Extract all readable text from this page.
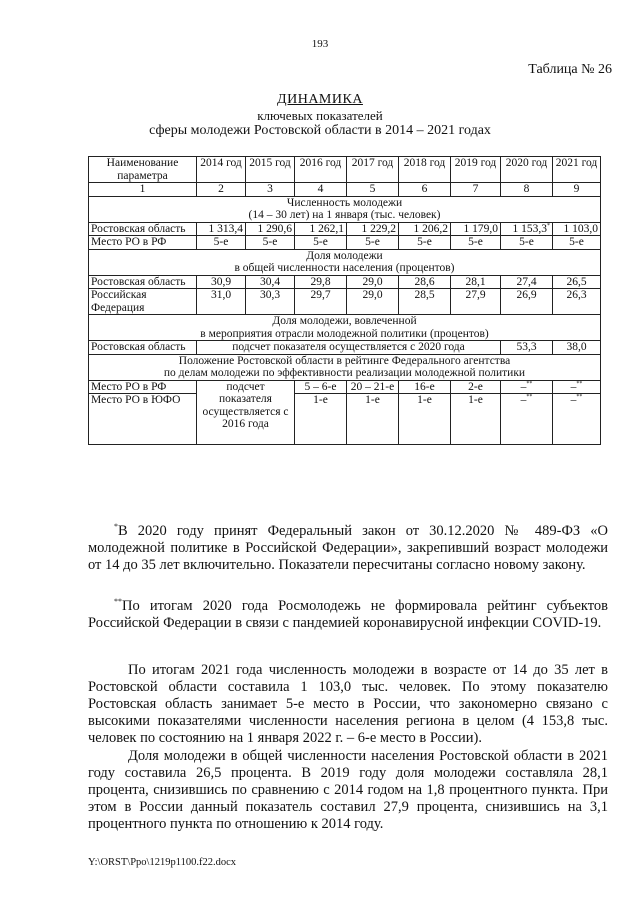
193
Таблица № 26
ДИНАМИКА
ключевых показателей
сферы молодежи Ростовской области в 2014 – 2021 годах
Наименование параметра	2014 год	2015 год	2016 год	2017 год	2018 год	2019 год	2020 год	2021 год
1	2	3	4	5	6	7	8	9

Численность молодежи
(14 – 30 лет) на 1 января (тыс. человек)								

Ростовская область	1 313,4	1 290,6	1 262,1	1 229,2	1 206,2	1 179,0	1 153,3*	1 103,0
Место РО в РФ	5-е	5-е	5-е	5-е	5-е	5-е	5-е	5-е

Доля молодежи
в общей численности населения (процентов)								

Ростовская область	30,9	30,4	29,8	29,0	28,6	28,1	27,4	26,5
Российская Федерация	31,0	30,3	29,7	29,0	28,5	27,9	26,9	26,3

Доля молодежи, вовлеченной
в мероприятия отрасли молодежной политики (процентов)								

Ростовская область	подсчет показателя осуществляется с 2020 года						53,3	38,0

Положение Ростовской области в рейтинге Федерального агентства
по делам молодежи по эффективности реализации молодежной политики								

Место РО в РФ	подсчет показателя осуществляется с 2016 года		5 – 6-е	20 – 21-е	16-е	2-е	–**	–**
Место РО в ЮФО			1-е	1-е	1-е	1-е	–**	–**
*В 2020 году принят Федеральный закон от 30.12.2020 № 489-ФЗ «О молодежной политике в Российской Федерации», закрепивший возраст молодежи от 14 до 35 лет включительно. Показатели пересчитаны согласно новому закону.
**По итогам 2020 года Росмолодежь не формировала рейтинг субъектов Российской Федерации в связи с пандемией коронавирусной инфекции COVID-19.
По итогам 2021 года численность молодежи в возрасте от 14 до 35 лет в Ростовской области составила 1 103,0 тыс. человек. По этому показателю Ростовская область занимает 5-е место в России, что закономерно связано с высокими показателями численности населения региона в целом (4 153,8 тыс. человек по состоянию на 1 января 2022 г. – 6-е место в России).
Доля молодежи в общей численности населения Ростовской области в 2021 году составила 26,5 процента. В 2019 году доля молодежи составляла 28,1 процента, снизившись по сравнению с 2014 годом на 1,8 процентного пункта. При этом в России данный показатель составил 27,9 процента, снизившись на 3,1 процентного пункта по отношению к 2014 году.
Y:\ORST\Ppo\1219p1100.f22.docx
